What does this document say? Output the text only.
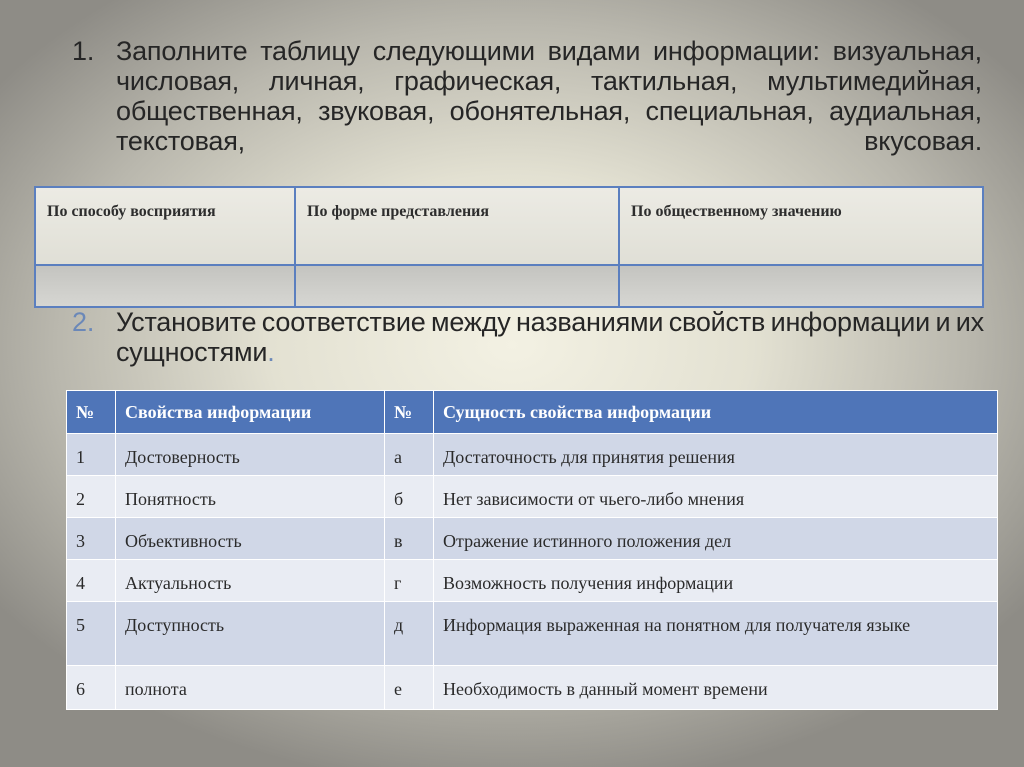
1. Заполните таблицу следующими видами информации: визуальная,
числовая, личная, графическая, тактильная, мультимедийная,
общественная, звуковая, обонятельная, специальная, аудиальная,
текстовая,	вкусовая.
По способу восприятия	По форме представления	По общественному значению

2. Установите соответствие между названиями свойств информации и их
сущностями.
№	Свойства информации	№	Сущность свойства информации
1	Достоверность	а	Достаточность для принятия решения
2	Понятность	б	Нет зависимости от чьего-либо мнения
3	Объективность	в	Отражение истинного положения дел
4	Актуальность	г	Возможность получения информации
5	Доступность	д	Информация выраженная на понятном для получателя языке
6	полнота	е	Необходимость в данный момент времени
